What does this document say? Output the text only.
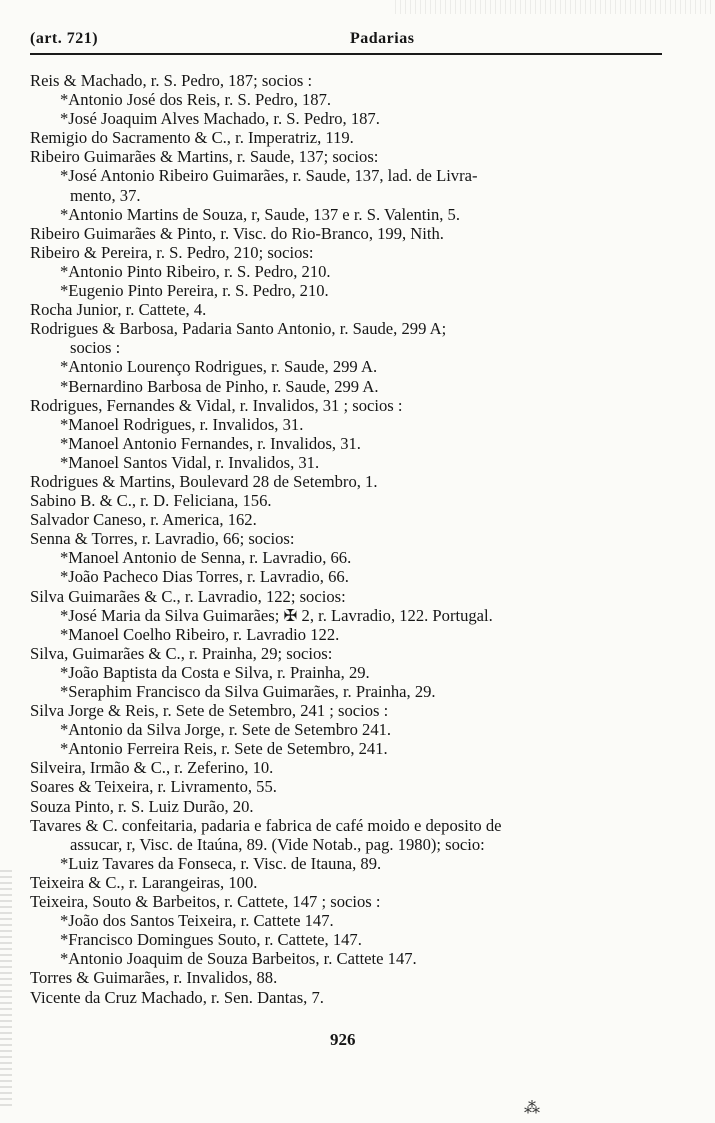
(art. 721)	Padarias
Reis & Machado, r. S. Pedro, 187; socios :
*Antonio José dos Reis, r. S. Pedro, 187.
*José Joaquim Alves Machado, r. S. Pedro, 187.
Remigio do Sacramento & C., r. Imperatriz, 119.
Ribeiro Guimarães & Martins, r. Saude, 137; socios:
*José Antonio Ribeiro Guimarães, r. Saude, 137, lad. de Livra-
mento, 37.
*Antonio Martins de Souza, r, Saude, 137 e r. S. Valentin, 5.
Ribeiro Guimarães & Pinto, r. Visc. do Rio-Branco, 199, Nith.
Ribeiro & Pereira, r. S. Pedro, 210; socios:
*Antonio Pinto Ribeiro, r. S. Pedro, 210.
*Eugenio Pinto Pereira, r. S. Pedro, 210.
Rocha Junior, r. Cattete, 4.
Rodrigues & Barbosa, Padaria Santo Antonio, r. Saude, 299 A;
socios :
*Antonio Lourenço Rodrigues, r. Saude, 299 A.
*Bernardino Barbosa de Pinho, r. Saude, 299 A.
Rodrigues, Fernandes & Vidal, r. Invalidos, 31 ; socios :
*Manoel Rodrigues, r. Invalidos, 31.
*Manoel Antonio Fernandes, r. Invalidos, 31.
*Manoel Santos Vidal, r. Invalidos, 31.
Rodrigues & Martins, Boulevard 28 de Setembro, 1.
Sabino B. & C., r. D. Feliciana, 156.
Salvador Caneso, r. America, 162.
Senna & Torres, r. Lavradio, 66; socios:
*Manoel Antonio de Senna, r. Lavradio, 66.
*João Pacheco Dias Torres, r. Lavradio, 66.
Silva Guimarães & C., r. Lavradio, 122; socios:
*José Maria da Silva Guimarães; ✠ 2, r. Lavradio, 122. Portugal.
*Manoel Coelho Ribeiro, r. Lavradio 122.
Silva, Guimarães & C., r. Prainha, 29; socios:
*João Baptista da Costa e Silva, r. Prainha, 29.
*Seraphim Francisco da Silva Guimarães, r. Prainha, 29.
Silva Jorge & Reis, r. Sete de Setembro, 241 ; socios :
*Antonio da Silva Jorge, r. Sete de Setembro 241.
*Antonio Ferreira Reis, r. Sete de Setembro, 241.
Silveira, Irmão & C., r. Zeferino, 10.
Soares & Teixeira, r. Livramento, 55.
Souza Pinto, r. S. Luiz Durão, 20.
Tavares & C. confeitaria, padaria e fabrica de café moido e deposito de
assucar, r, Visc. de Itaúna, 89. (Vide Notab., pag. 1980); socio:
*Luiz Tavares da Fonseca, r. Visc. de Itauna, 89.
Teixeira & C., r. Larangeiras, 100.
Teixeira, Souto & Barbeitos, r. Cattete, 147 ; socios :
*João dos Santos Teixeira, r. Cattete 147.
*Francisco Domingues Souto, r. Cattete, 147.
*Antonio Joaquim de Souza Barbeitos, r. Cattete 147.
Torres & Guimarães, r. Invalidos, 88.
Vicente da Cruz Machado, r. Sen. Dantas, 7.
926
⁂
